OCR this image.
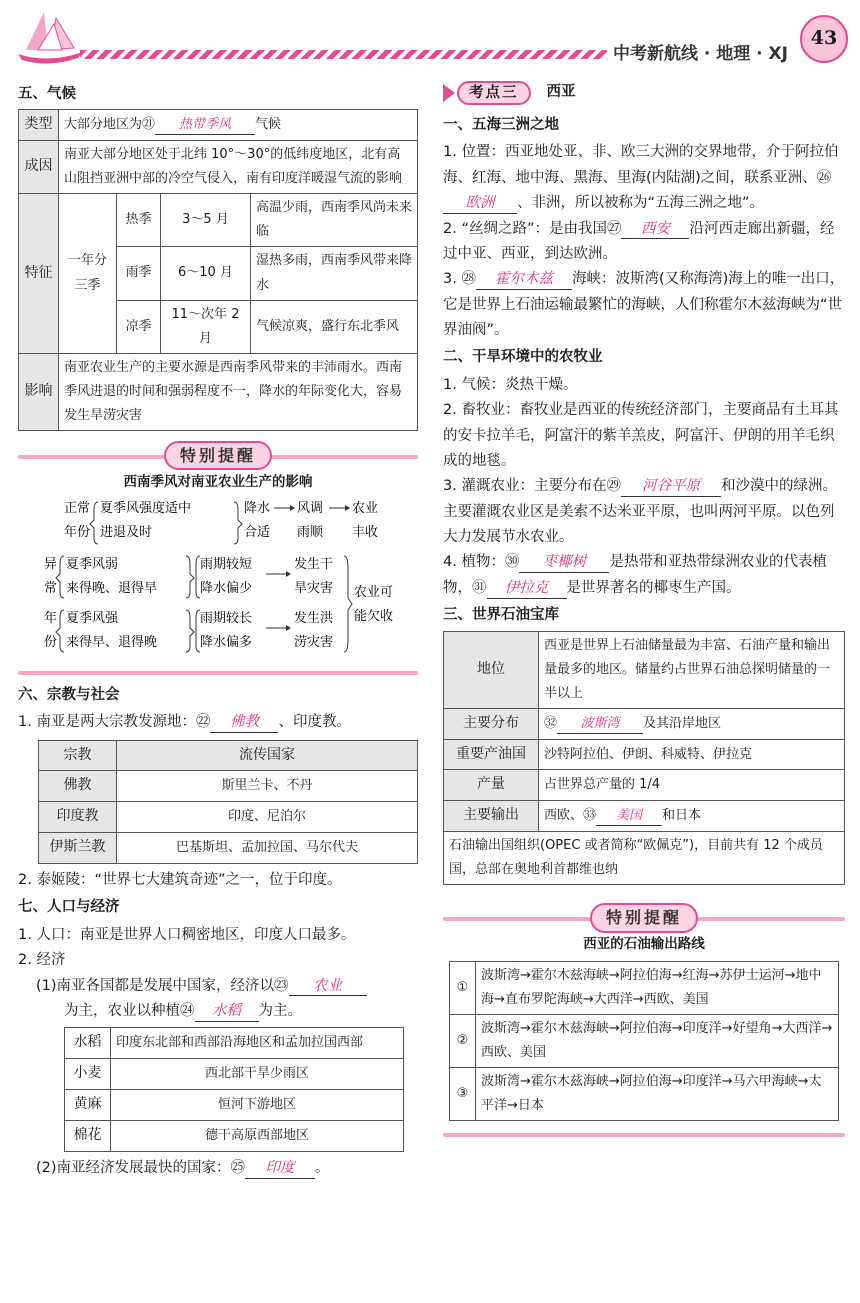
中考新航线 · 地理 · XJ
43
五、气候
类型	大部分地区为㉑ 热带季风 气候			
成因	南亚大部分地区处于北纬 10°～30°的低纬度地区，北有高山阻挡亚洲中部的冷空气侵入，南有印度洋暖湿气流的影响			
特征	一年分三季	热季	3～5 月	高温少雨，西南季风尚未来临
		雨季	6～10 月	湿热多雨，西南季风带来降水
		凉季	11～次年 2 月	气候凉爽，盛行东北季风
影响	南亚农业生产的主要水源是西南季风带来的丰沛雨水。西南季风进退的时间和强弱程度不一，降水的年际变化大，容易发生旱涝灾害			
特别提醒
西南季风对南亚农业生产的影响
正常
年份
夏季风强度适中
进退及时
降水
合适
风调
雨顺
农业
丰收
异
常
年
份
夏季风弱
来得晚、退得早
夏季风强
来得早、退得晚
雨期较短
降水偏少
雨期较长
降水偏多
发生干
旱灾害
发生洪
涝灾害
农业可
能欠收
六、宗教与社会

1. 南亚是两大宗教发源地：㉒ 佛教 、印度教。

宗教	流传国家
佛教	斯里兰卡、不丹
印度教	印度、尼泊尔
伊斯兰教	巴基斯坦、孟加拉国、马尔代夫

2. 泰姬陵：“世界七大建筑奇迹”之一，位于印度。

七、人口与经济

1. 人口：南亚是世界人口稠密地区，印度人口最多。

2. 经济

(1)南亚各国都是发展中国家，经济以㉓ 农业

为主，农业以种植㉔ 水稻 为主。

水稻	印度东北部和西部沿海地区和孟加拉国西部
小麦	西北部干旱少雨区
黄麻	恒河下游地区
棉花	德干高原西部地区

(2)南亚经济发展最快的国家：㉕ 印度 。

考点三	西亚
一、五海三洲之地

1. 位置：西亚地处亚、非、欧三大洲的交界地带，介于阿拉伯海、红海、地中海、黑海、里海(内陆湖)之间，联系亚洲、㉖欧洲 、非洲，所以被称为“五海三洲之地”。

2. “丝绸之路”：是由我国㉗ 西安 沿河西走廊出新疆，经过中亚、西亚，到达欧洲。

3. ㉘ 霍尔木兹 海峡：波斯湾(又称海湾)海上的唯一出口，它是世界上石油运输最繁忙的海峡，人们称霍尔木兹海峡为“世界油阀”。

二、干旱环境中的农牧业

1. 气候：炎热干燥。

2. 畜牧业：畜牧业是西亚的传统经济部门，主要商品有土耳其的安卡拉羊毛，阿富汗的紫羊羔皮，阿富汗、伊朗的用羊毛织成的地毯。

3. 灌溉农业：主要分布在㉙ 河谷平原 和沙漠中的绿洲。主要灌溉农业区是美索不达米亚平原，也叫两河平原。以色列大力发展节水农业。

4. 植物：㉚ 枣椰树 是热带和亚热带绿洲农业的代表植物，㉛ 伊拉克 是世界著名的椰枣生产国。

三、世界石油宝库
地位	西亚是世界上石油储量最为丰富、石油产量和输出量最多的地区。储量约占世界石油总探明储量的一半以上
主要分布	㉜ 波斯湾 及其沿岸地区
重要产油国	沙特阿拉伯、伊朗、科威特、伊拉克
产量	占世界总产量的 1/4
主要输出	西欧、㉝ 美国 和日本
石油输出国组织(OPEC 或者简称“欧佩克”)，目前共有 12 个成员国，总部在奥地利首都维也纳	
特别提醒
西亚的石油输出路线
①	波斯湾→霍尔木兹海峡→阿拉伯海→红海→苏伊士运河→地中海→直布罗陀海峡→大西洋→西欧、美国
②	波斯湾→霍尔木兹海峡→阿拉伯海→印度洋→好望角→大西洋→西欧、美国
③	波斯湾→霍尔木兹海峡→阿拉伯海→印度洋→马六甲海峡→太平洋→日本
